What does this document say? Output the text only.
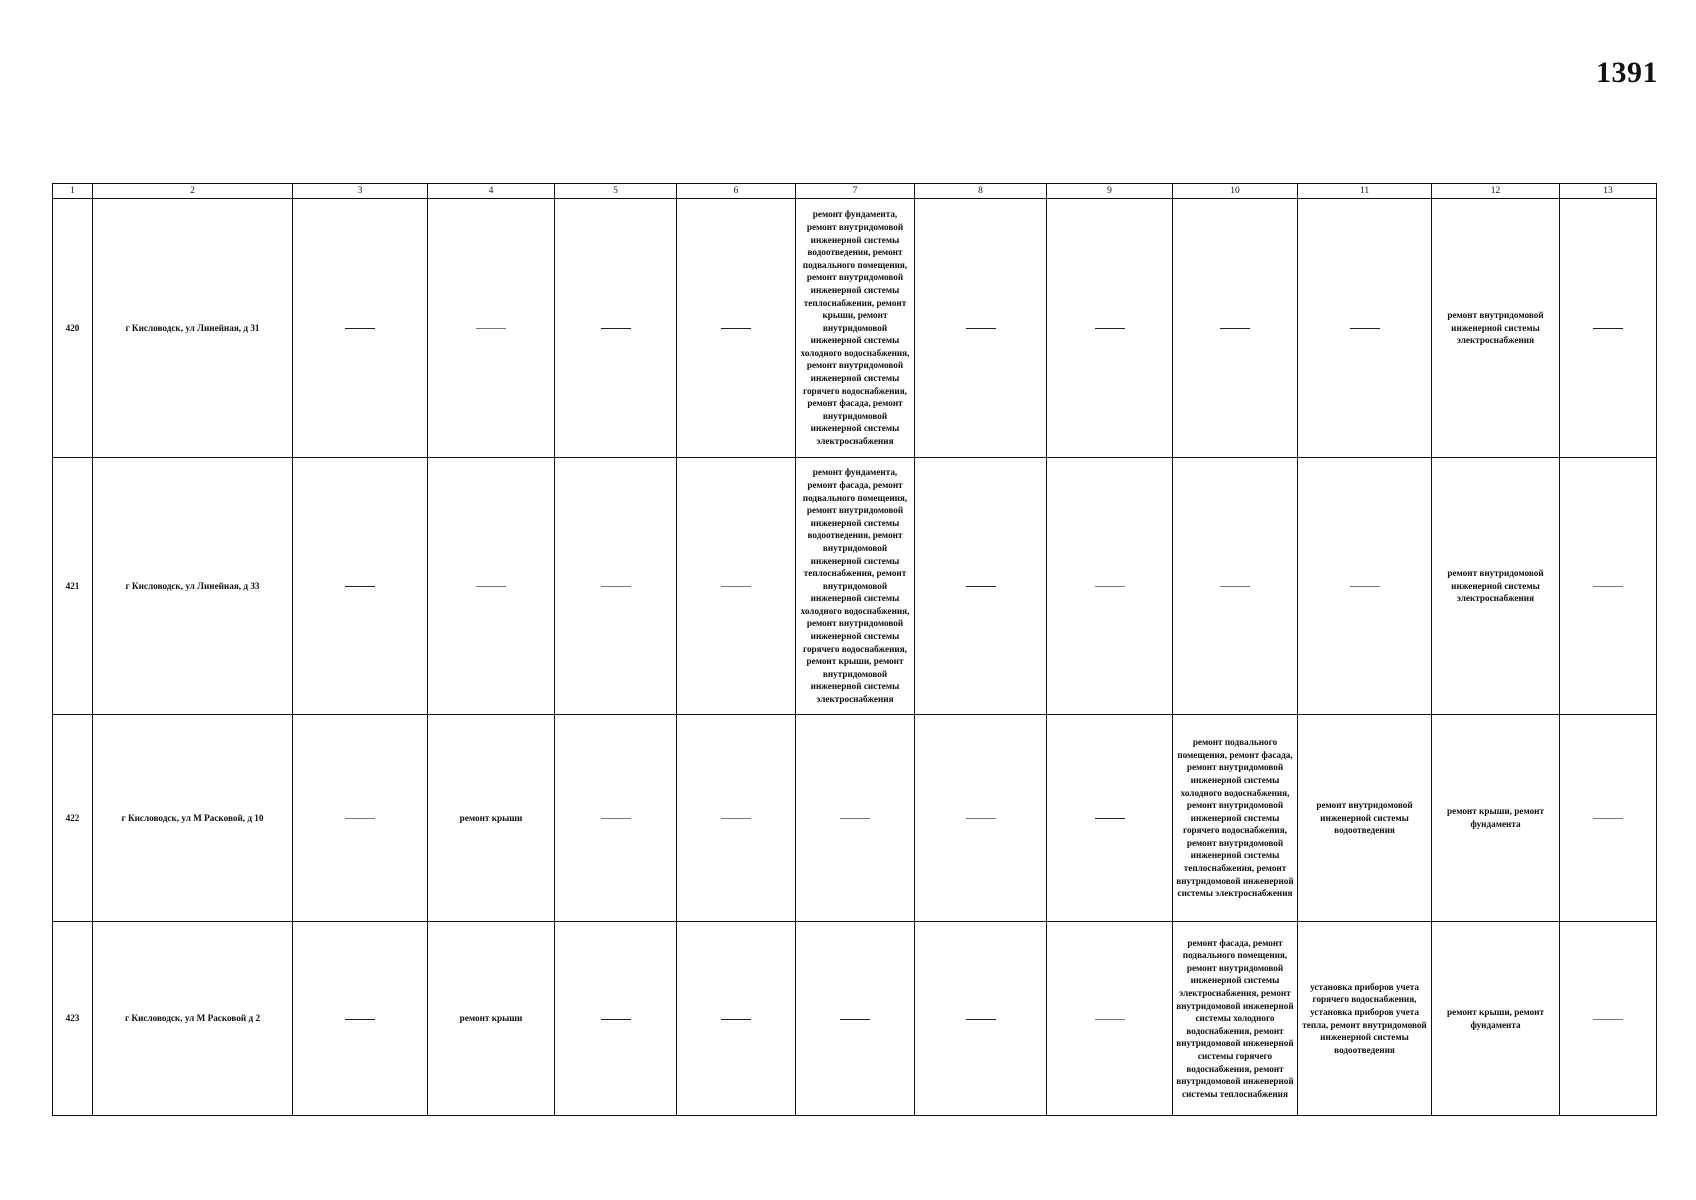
1391
1	2	3	4	5	6	7	8	9	10	11	12	13
420	г Кисловодск, ул Линейная, д 31					ремонт фундамента, ремонт внутридомовой инженерной системы водоотведения, ремонт подвального помещения, ремонт внутридомовой инженерной системы теплоснабжения, ремонт крыши, ремонт внутридомовой инженерной системы холодного водоснабжения, ремонт внутридомовой инженерной системы горячего водоснабжения, ремонт фасада, ремонт внутридомовой инженерной системы электроснабжения					ремонт внутридомовой инженерной системы электроснабжения	
421	г Кисловодск, ул Линейная, д 33					ремонт фундамента, ремонт фасада, ремонт подвального помещения, ремонт внутридомовой инженерной системы водоотведения, ремонт внутридомовой инженерной системы теплоснабжения, ремонт внутридомовой инженерной системы холодного водоснабжения, ремонт внутридомовой инженерной системы горячего водоснабжения, ремонт крыши, ремонт внутридомовой инженерной системы электроснабжения					ремонт внутридомовой инженерной системы электроснабжения	
422	г Кисловодск, ул М Расковой, д 10		ремонт крыши						ремонт подвального помещения, ремонт фасада, ремонт внутридомовой инженерной системы холодного водоснабжения, ремонт внутридомовой инженерной системы горячего водоснабжения, ремонт внутридомовой инженерной системы теплоснабжения, ремонт внутридомовой инженерной системы электроснабжения	ремонт внутридомовой инженерной системы водоотведения	ремонт крыши, ремонт фундамента	
423	г Кисловодск, ул М Расковой д 2		ремонт крыши						ремонт фасада, ремонт подвального помещения, ремонт внутридомовой инженерной системы электроснабжения, ремонт внутридомовой инженерной системы холодного водоснабжения, ремонт внутридомовой инженерной системы горячего водоснабжения, ремонт внутридомовой инженерной системы теплоснабжения	установка приборов учета горячего водоснабжения, установка приборов учета тепла, ремонт внутридомовой инженерной системы водоотведения	ремонт крыши, ремонт фундамента	
